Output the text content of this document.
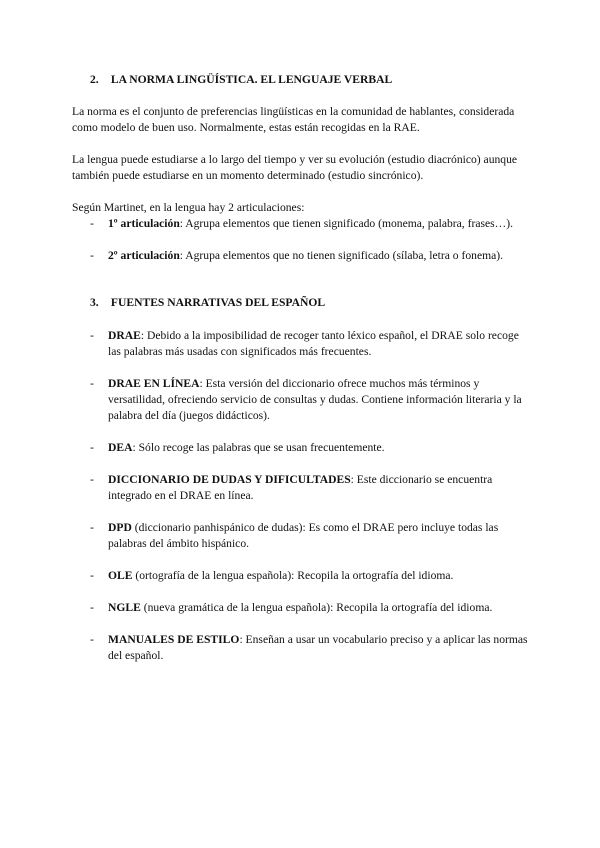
2. LA NORMA LINGÜÍSTICA. EL LENGUAJE VERBAL
La norma es el conjunto de preferencias lingüísticas en la comunidad de hablantes, considerada como modelo de buen uso. Normalmente, estas están recogidas en la RAE.
La lengua puede estudiarse a lo largo del tiempo y ver su evolución (estudio diacrónico) aunque también puede estudiarse en un momento determinado (estudio sincrónico).
Según Martinet, en la lengua hay 2 articulaciones:
-	1º articulación: Agrupa elementos que tienen significado (monema, palabra, frases…).
-	2º articulación: Agrupa elementos que no tienen significado (sílaba, letra o fonema).
3. FUENTES NARRATIVAS DEL ESPAÑOL
-	DRAE: Debido a la imposibilidad de recoger tanto léxico español, el DRAE solo recoge las palabras más usadas con significados más frecuentes.
-	DRAE EN LÍNEA: Esta versión del diccionario ofrece muchos más términos y versatilidad, ofreciendo servicio de consultas y dudas. Contiene información literaria y la palabra del día (juegos didácticos).
-	DEA: Sólo recoge las palabras que se usan frecuentemente.
-	DICCIONARIO DE DUDAS Y DIFICULTADES: Este diccionario se encuentra integrado en el DRAE en línea.
-	DPD (diccionario panhispánico de dudas): Es como el DRAE pero incluye todas las palabras del ámbito hispánico.
-	OLE (ortografía de la lengua española): Recopila la ortografía del idioma.
-	NGLE (nueva gramática de la lengua española): Recopila la ortografía del idioma.
-	MANUALES DE ESTILO: Enseñan a usar un vocabulario preciso y a aplicar las normas del español.
